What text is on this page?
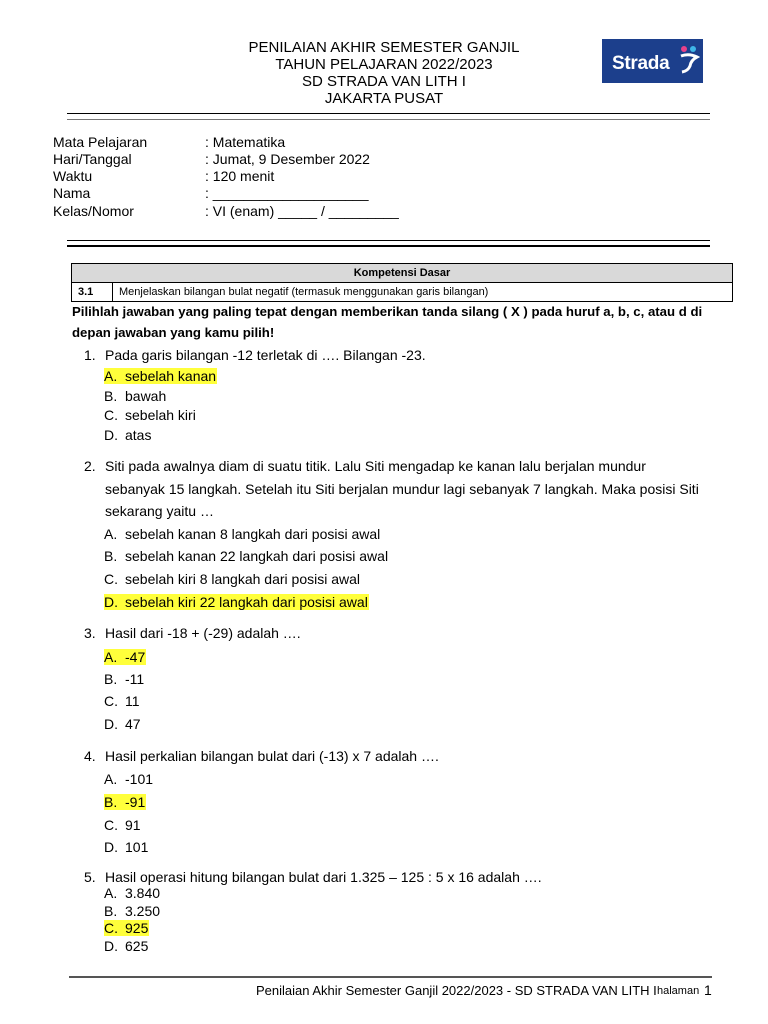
PENILAIAN AKHIR SEMESTER GANJIL
TAHUN PELAJARAN 2022/2023
SD STRADA VAN LITH I
JAKARTA PUSAT
Strada
Mata Pelajaran	: Matematika
Hari/Tanggal	: Jumat, 9 Desember 2022
Waktu	: 120 menit
Nama	: ____________________
Kelas/Nomor	: VI (enam) _____ / _________
Kompetensi Dasar
3.1	Menjelaskan bilangan bulat negatif (termasuk menggunakan garis bilangan)
Pilihlah jawaban yang paling tepat dengan memberikan tanda silang ( X ) pada huruf a, b, c, atau d di depan jawaban yang kamu pilih!
1. Pada garis bilangan -12 terletak di …. Bilangan -23.
A. sebelah kanan
B. bawah
C. sebelah kiri
D. atas
2. Siti pada awalnya diam di suatu titik. Lalu Siti mengadap ke kanan lalu berjalan mundur sebanyak 15 langkah. Setelah itu Siti berjalan mundur lagi sebanyak 7 langkah. Maka posisi Siti sekarang yaitu …
A. sebelah kanan 8 langkah dari posisi awal
B. sebelah kanan 22 langkah dari posisi awal
C. sebelah kiri 8 langkah dari posisi awal
D. sebelah kiri 22 langkah dari posisi awal
3. Hasil dari -18 + (-29) adalah ….
A. -47
B. -11
C. 11
D. 47
4. Hasil perkalian bilangan bulat dari (-13) x 7 adalah ….
A. -101
B. -91
C. 91
D. 101
5. Hasil operasi hitung bilangan bulat dari 1.325 – 125 : 5 x 16 adalah ….
A. 3.840
B. 3.250
C. 925
D. 625
Penilaian Akhir Semester Ganjil 2022/2023 - SD STRADA VAN LITH I halaman 1
